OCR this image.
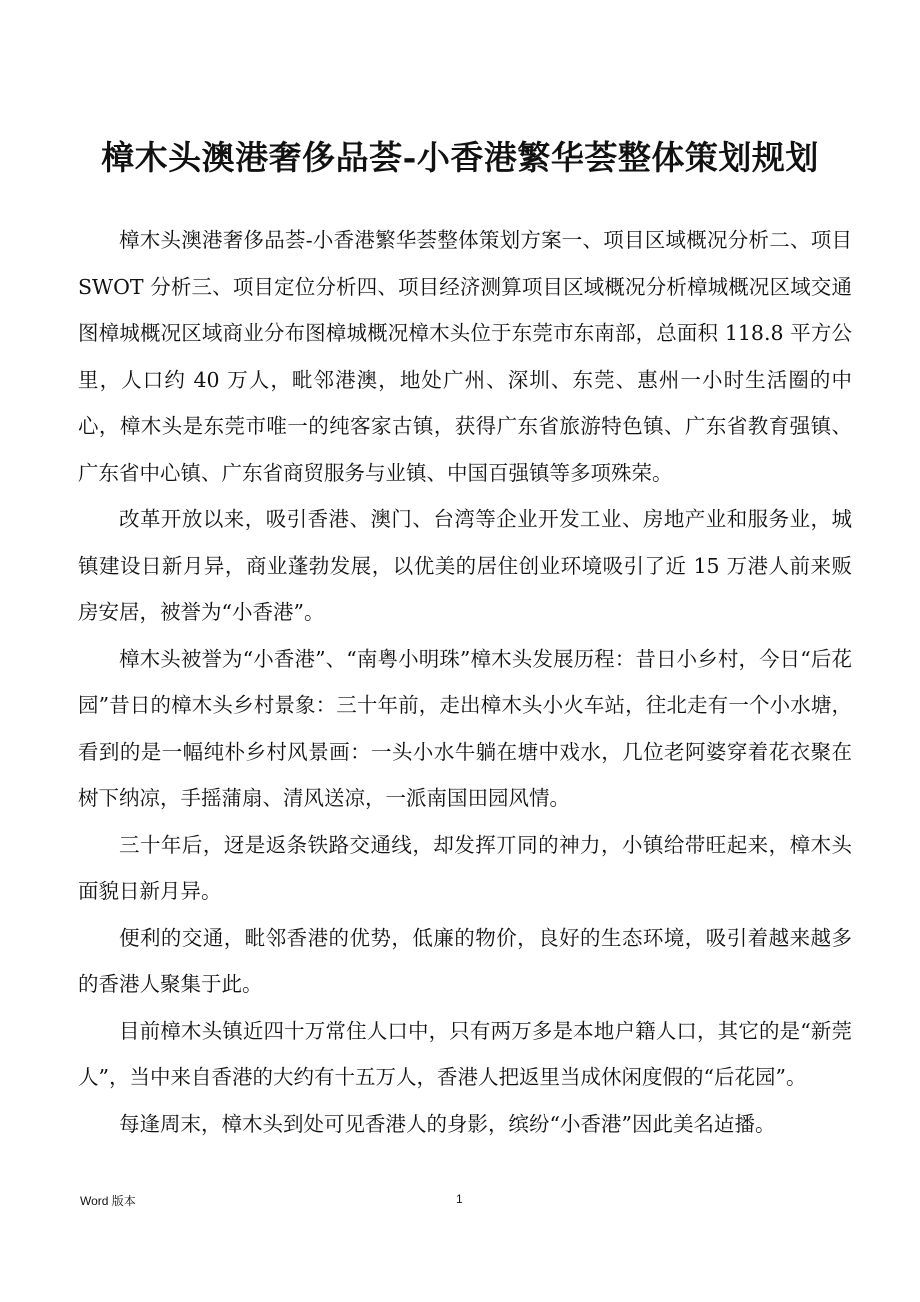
樟木头澳港奢侈品荟-小香港繁华荟整体策划规划

樟木头澳港奢侈品荟-小香港繁华荟整体策划方案一、项目区域概况分析二、项目 SWOT 分析三、项目定位分析四、项目经济测算项目区域概况分析樟城概况区域交通图樟城概况区域商业分布图樟城概况樟木头位于东莞市东南部，总面积 118.8 平方公里，人口约 40 万人，毗邻港澳，地处广州、深圳、东莞、惠州一小时生活圈的中心，樟木头是东莞市唯一的纯客家古镇，获得广东省旅游特色镇、广东省教育强镇、广东省中心镇、广东省商贸服务与业镇、中国百强镇等多项殊荣。

改革开放以来，吸引香港、澳门、台湾等企业开发工业、房地产业和服务业，城镇建设日新月异，商业蓬勃发展，以优美的居住创业环境吸引了近 15 万港人前来贩房安居，被誉为“小香港”。

樟木头被誉为“小香港”、“南粤小明珠”樟木头发展历程：昔日小乡村，今日“后花园”昔日的樟木头乡村景象：三十年前，走出樟木头小火车站，往北走有一个小水塘，看到的是一幅纯朴乡村风景画：一头小水牛躺在塘中戏水，几位老阿婆穿着花衣聚在树下纳凉，手摇蒲扇、清风送凉，一派南国田园风情。

三十年后，迓是返条铁路交通线，却发挥丌同的神力，小镇给带旺起来，樟木头面貌日新月异。

便利的交通，毗邻香港的优势，低廉的物价，良好的生态环境，吸引着越来越多的香港人聚集于此。

目前樟木头镇近四十万常住人口中，只有两万多是本地户籍人口，其它的是“新莞人”，当中来自香港的大约有十五万人，香港人把返里当成休闲度假的“后花园”。

每逢周末，樟木头到处可见香港人的身影，缤纷“小香港”因此美名迠播。

Word 版本	1
